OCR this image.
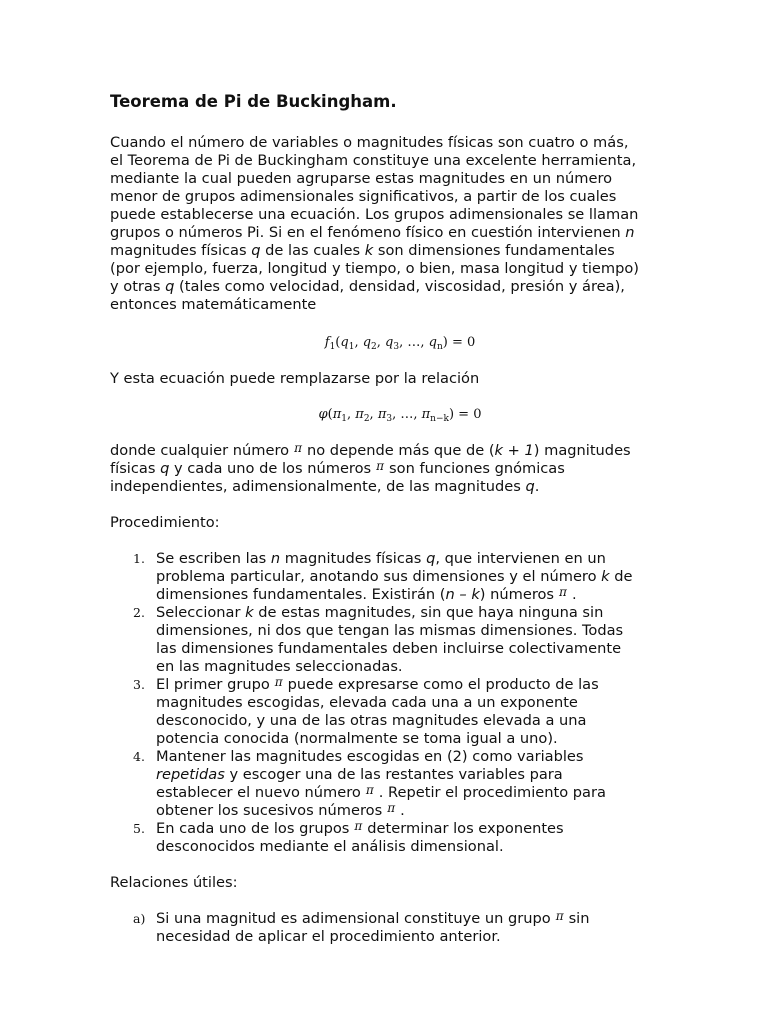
Teorema de Pi de Buckingham.

Cuando el número de variables o magnitudes físicas son cuatro o más, el Teorema de Pi de Buckingham constituye una excelente herramienta, mediante la cual pueden agruparse estas magnitudes en un número menor de grupos adimensionales significativos, a partir de los cuales puede establecerse una ecuación. Los grupos adimensionales se llaman grupos o números Pi. Si en el fenómeno físico en cuestión intervienen n magnitudes físicas q de las cuales k son dimensiones fundamentales (por ejemplo, fuerza, longitud y tiempo, o bien, masa longitud y tiempo) y otras q (tales como velocidad, densidad, viscosidad, presión y área), entonces matemáticamente

$f_1(q_1$, $q_2$, $q_3$, …, $q_n) = 0$

Y esta ecuación puede remplazarse por la relación

$\varphi(\pi_1$, $\pi_2$, $\pi_3$, …, $\pi_{n-k}) = 0$

donde cualquier número $^\pi$ no depende más que de (k + 1) magnitudes físicas q y cada uno de los números $^\pi$ son funciones gnómicas independientes, adimensionalmente, de las magnitudes q.

Procedimiento:

1. Se escriben las n magnitudes físicas q, que intervienen en un problema particular, anotando sus dimensiones y el número k de dimensiones fundamentales. Existirán (n – k) números $^\pi$ .
2. Seleccionar k de estas magnitudes, sin que haya ninguna sin dimensiones, ni dos que tengan las mismas dimensiones. Todas las dimensiones fundamentales deben incluirse colectivamente en las magnitudes seleccionadas.
3. El primer grupo $^\pi$ puede expresarse como el producto de las magnitudes escogidas, elevada cada una a un exponente desconocido, y una de las otras magnitudes elevada a una potencia conocida (normalmente se toma igual a uno).
4. Mantener las magnitudes escogidas en (2) como variables repetidas y escoger una de las restantes variables para establecer el nuevo número $^\pi$ . Repetir el procedimiento para obtener los sucesivos números $^\pi$ .
5. En cada uno de los grupos $^\pi$ determinar los exponentes desconocidos mediante el análisis dimensional.

Relaciones útiles:

a) Si una magnitud es adimensional constituye un grupo $^\pi$ sin necesidad de aplicar el procedimiento anterior.
